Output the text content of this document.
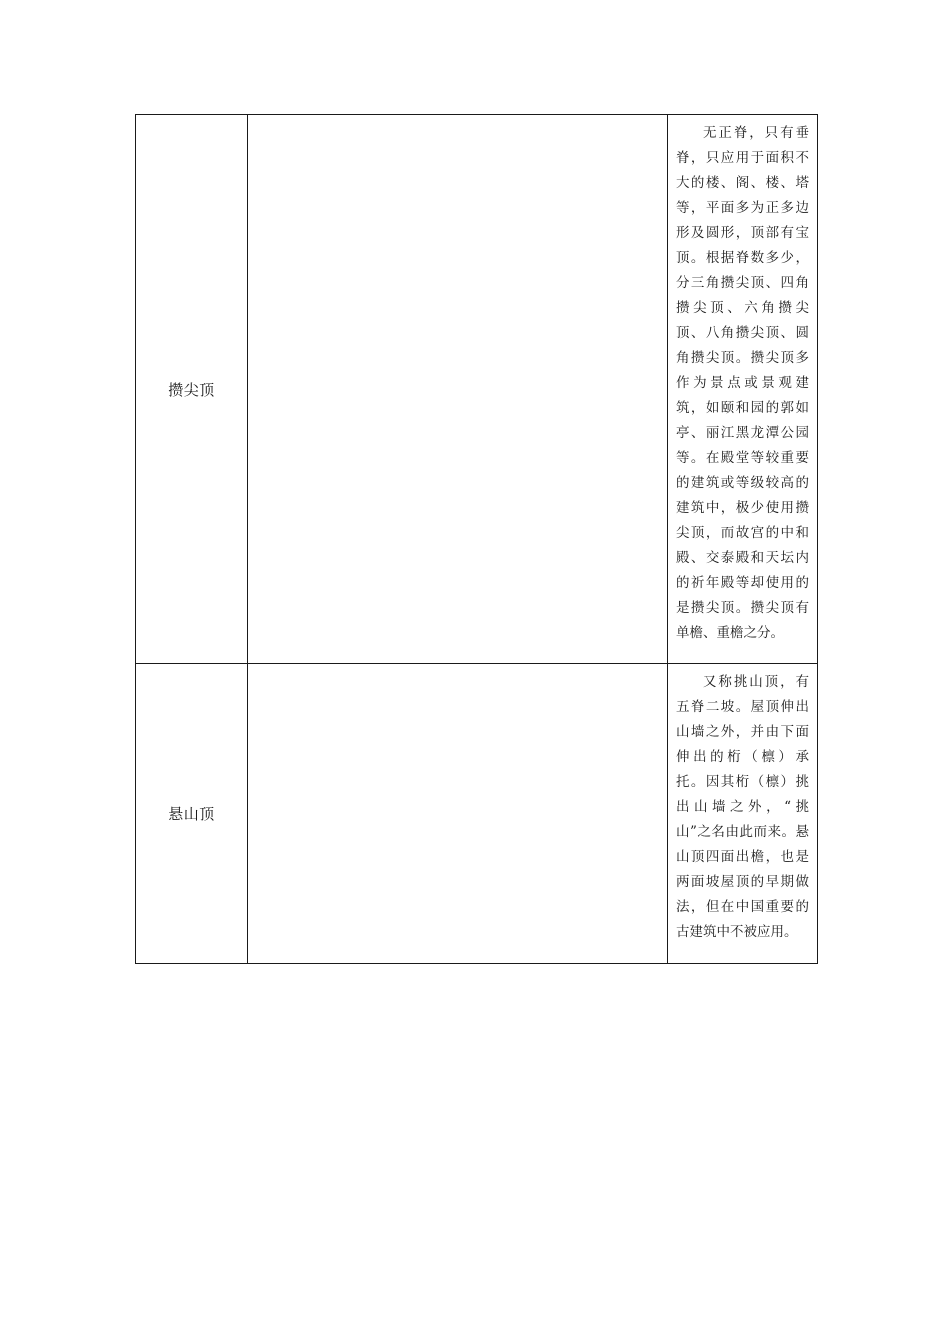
攒尖顶		无正脊，只有垂脊，只应用于面积不大的楼、阁、楼、塔等，平面多为正多边形及圆形，顶部有宝顶。根据脊数多少，分三角攒尖顶、四角攒尖顶、六角攒尖顶、八角攒尖顶、圆角攒尖顶。攒尖顶多作为景点或景观建筑，如颐和园的郭如亭、丽江黑龙潭公园等。在殿堂等较重要的建筑或等级较高的建筑中，极少使用攒尖顶，而故宫的中和殿、交泰殿和天坛内的祈年殿等却使用的是攒尖顶。攒尖顶有单檐、重檐之分。

悬山顶		又称挑山顶，有五脊二坡。屋顶伸出山墙之外，并由下面伸出的桁（檩）承托。因其桁（檩）挑出山墙之外，“挑山”之名由此而来。悬山顶四面出檐，也是两面坡屋顶的早期做法，但在中国重要的古建筑中不被应用。
